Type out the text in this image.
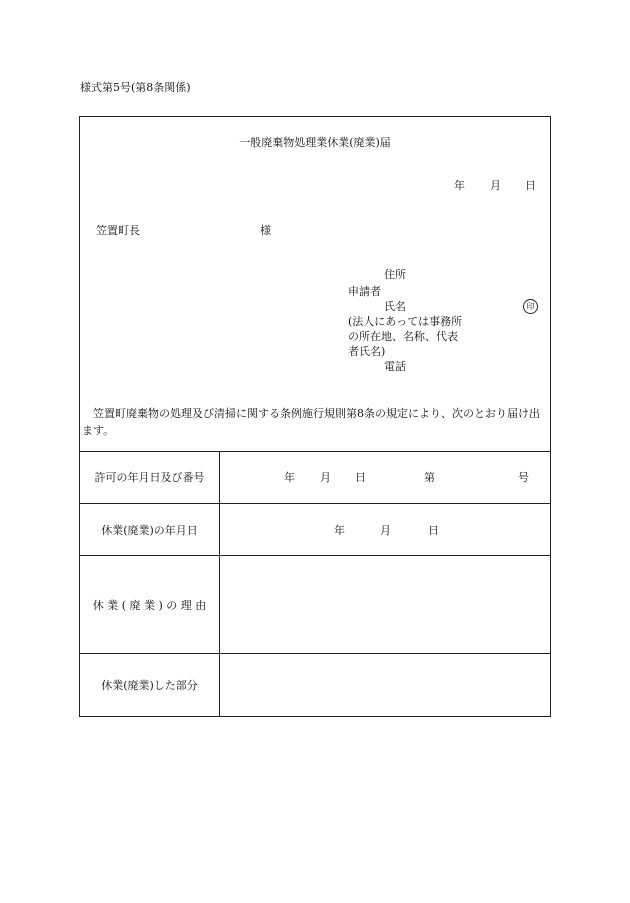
様式第5号(第8条関係)
一般廃棄物処理業休業(廃業)届
年 月 日
笠置町長	様
住所
申請者
氏名	印
(法人にあっては事務所
の所在地、名称、代表
者氏名)
電話
　笠置町廃棄物の処理及び清掃に関する条例施行規則第8条の規定により、次のとおり届け出ます。
許可の年月日及び番号	年 月 日	第	号
休業(廃業)の年月日	年	月	日
休 業 ( 廃 業 ) の 理 由
休業(廃業)した部分
